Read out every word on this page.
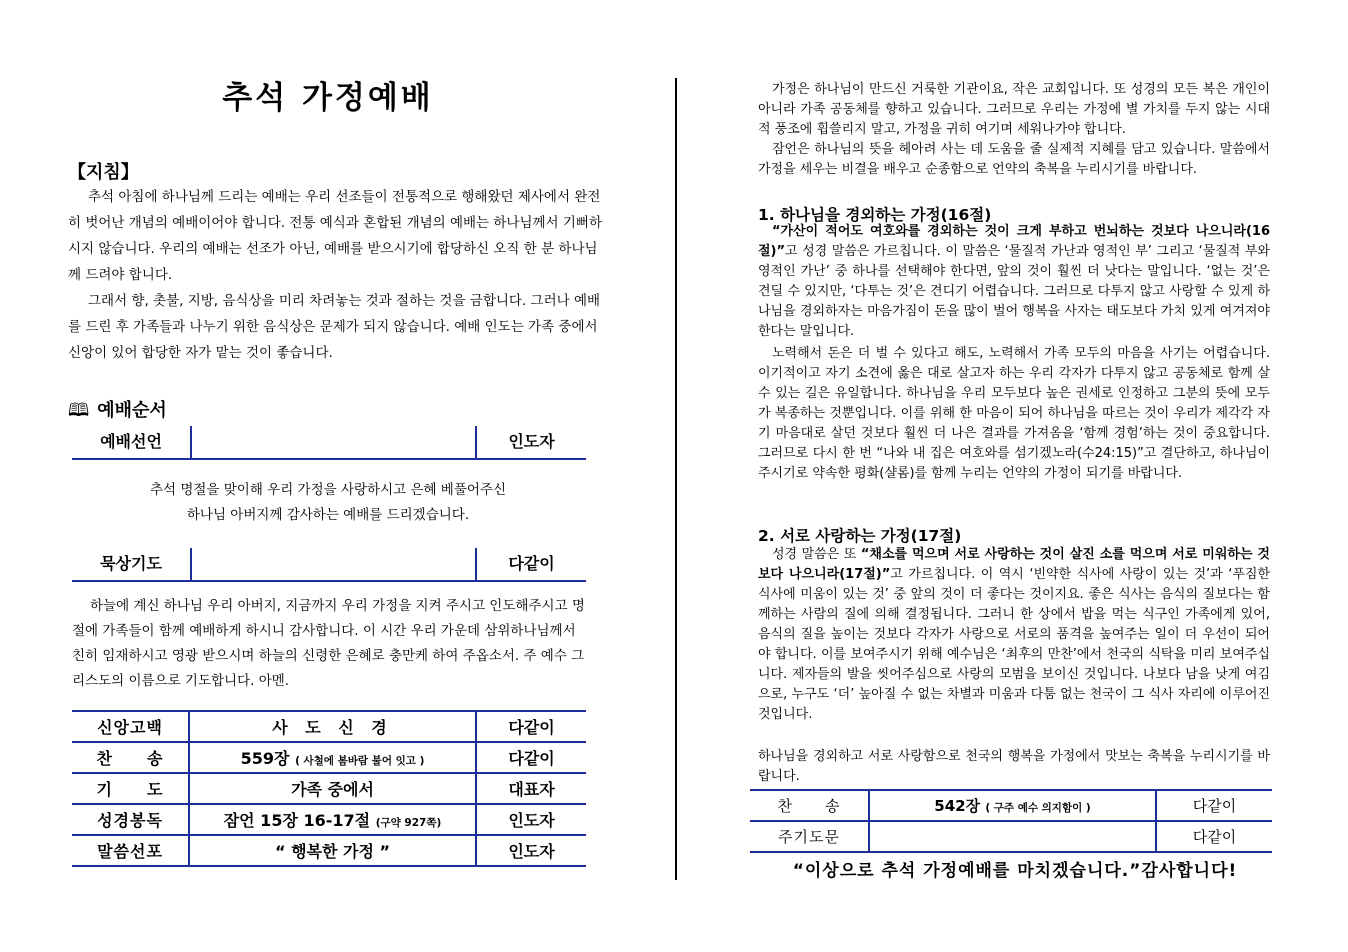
추석 가정예배
【지침】

추석 아침에 하나님께 드리는 예배는 우리 선조들이 전통적으로 행해왔던 제사에서 완전히 벗어난 개념의 예배이어야 합니다. 전통 예식과 혼합된 개념의 예배는 하나님께서 기뻐하시지 않습니다. 우리의 예배는 선조가 아닌, 예배를 받으시기에 합당하신 오직 한 분 하나님께 드려야 합니다.

그래서 향, 촛불, 지방, 음식상을 미리 차려놓는 것과 절하는 것을 금합니다. 그러나 예배를 드린 후 가족들과 나누기 위한 음식상은 문제가 되지 않습니다. 예배 인도는 가족 중에서 신앙이 있어 합당한 자가 맡는 것이 좋습니다.

🕮 예배순서
예배선언	인도자

추석 명절을 맞이해 우리 가정을 사랑하시고 은혜 베풀어주신

하나님 아버지께 감사하는 예배를 드리겠습니다.

묵상기도	다같이

하늘에 계신 하나님 우리 아버지, 지금까지 우리 가정을 지켜 주시고 인도해주시고 명절에 가족들이 함께 예배하게 하시니 감사합니다. 이 시간 우리 가운데 삼위하나님께서 친히 임재하시고 영광 받으시며 하늘의 신령한 은혜로 충만케 하여 주옵소서. 주 예수 그리스도의 이름으로 기도합니다. 아멘.

신앙고백	사 도 신 경	다같이
찬　　송	559장 ( 사철에 봄바람 불어 잇고 )	다같이
기　　도	가족 중에서	대표자
성경봉독	잠언 15장 16-17절 (구약 927쪽)	인도자
말씀선포	“ 행복한 가정 ”	인도자

가정은 하나님이 만드신 거룩한 기관이요, 작은 교회입니다. 또 성경의 모든 복은 개인이 아니라 가족 공동체를 향하고 있습니다. 그러므로 우리는 가정에 별 가치를 두지 않는 시대적 풍조에 휩쓸리지 말고, 가정을 귀히 여기며 세워나가야 합니다.

잠언은 하나님의 뜻을 헤아려 사는 데 도움을 줄 실제적 지혜를 담고 있습니다. 말씀에서 가정을 세우는 비결을 배우고 순종함으로 언약의 축복을 누리시기를 바랍니다.

1. 하나님을 경외하는 가정(16절)

“가산이 적어도 여호와를 경외하는 것이 크게 부하고 번뇌하는 것보다 나으니라(16절)”고 성경 말씀은 가르칩니다. 이 말씀은 ‘물질적 가난과 영적인 부’ 그리고 ‘물질적 부와 영적인 가난’ 중 하나를 선택해야 한다면, 앞의 것이 훨씬 더 낫다는 말입니다. ‘없는 것’은 견딜 수 있지만, ‘다투는 것’은 견디기 어렵습니다. 그러므로 다투지 않고 사랑할 수 있게 하나님을 경외하자는 마음가짐이 돈을 많이 벌어 행복을 사자는 태도보다 가치 있게 여겨져야 한다는 말입니다.

노력해서 돈은 더 벌 수 있다고 해도, 노력해서 가족 모두의 마음을 사기는 어렵습니다. 이기적이고 자기 소견에 옳은 대로 살고자 하는 우리 각자가 다투지 않고 공동체로 함께 살 수 있는 길은 유일합니다. 하나님을 우리 모두보다 높은 권세로 인정하고 그분의 뜻에 모두가 복종하는 것뿐입니다. 이를 위해 한 마음이 되어 하나님을 따르는 것이 우리가 제각각 자기 마음대로 살던 것보다 훨씬 더 나은 결과를 가져옴을 ‘함께 경험’하는 것이 중요합니다. 그러므로 다시 한 번 “나와 내 집은 여호와를 섬기겠노라(수24:15)”고 결단하고, 하나님이 주시기로 약속한 평화(샬롬)를 함께 누리는 언약의 가정이 되기를 바랍니다.

2. 서로 사랑하는 가정(17절)

성경 말씀은 또 “채소를 먹으며 서로 사랑하는 것이 살진 소를 먹으며 서로 미워하는 것보다 나으니라(17절)”고 가르칩니다. 이 역시 ‘빈약한 식사에 사랑이 있는 것’과 ‘푸짐한 식사에 미움이 있는 것’ 중 앞의 것이 더 좋다는 것이지요. 좋은 식사는 음식의 질보다는 함께하는 사람의 질에 의해 결정됩니다. 그러니 한 상에서 밥을 먹는 식구인 가족에게 있어, 음식의 질을 높이는 것보다 각자가 사랑으로 서로의 품격을 높여주는 일이 더 우선이 되어야 합니다. 이를 보여주시기 위해 예수님은 ‘최후의 만찬’에서 천국의 식탁을 미리 보여주십니다. 제자들의 발을 씻어주심으로 사랑의 모범을 보이신 것입니다. 나보다 남을 낫게 여김으로, 누구도 ‘더’ 높아질 수 없는 차별과 미움과 다툼 없는 천국이 그 식사 자리에 이루어진 것입니다.

하나님을 경외하고 서로 사랑함으로 천국의 행복을 가정에서 맛보는 축복을 누리시기를 바랍니다.

찬　　송	542장 ( 구주 예수 의지함이 )	다같이
주기도문		다같이
“이상으로 추석 가정예배를 마치겠습니다.”감사합니다!
